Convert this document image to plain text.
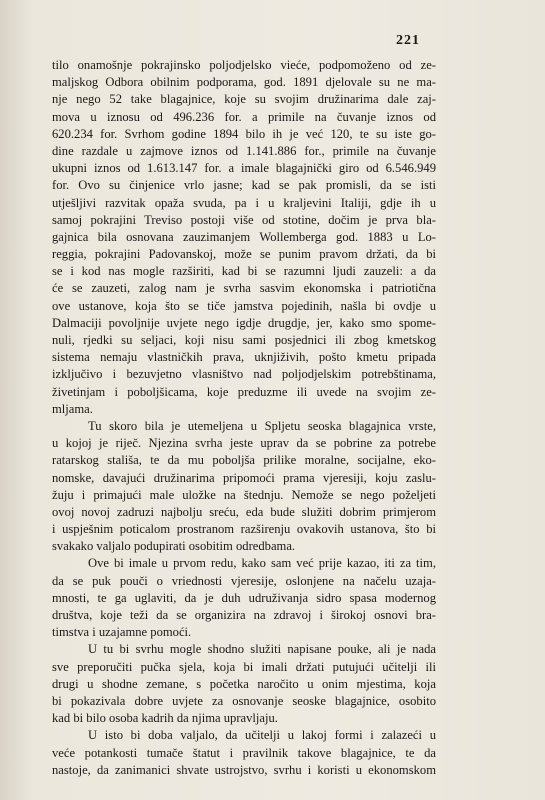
221
tilo onamošnje pokrajinsko poljodjelsko vieće, podpomoženo od ze-
maljskog Odbora obilnim podporama, god. 1891 djelovale su ne ma-
nje nego 52 take blagajnice, koje su svojim družinarima dale zaj-
mova u iznosu od 496.236 for. a primile na čuvanje iznos od
620.234 for. Svrhom godine 1894 bilo ih je već 120, te su iste go-
dine razdale u zajmove iznos od 1.141.886 for., primile na čuvanje
ukupni iznos od 1.613.147 for. a imale blagajnički giro od 6.546.949
for. Ovo su činjenice vrlo jasne; kad se pak promisli, da se isti
utješljivi razvitak opaža svuda, pa i u kraljevini Italiji, gdje ih u
samoj pokrajini Treviso postoji više od stotine, dočim je prva bla-
gajnica bila osnovana zauzimanjem Wollemberga god. 1883 u Lo-
reggia, pokrajini Padovanskoj, može se punim pravom držati, da bi
se i kod nas mogle razširiti, kad bi se razumni ljudi zauzeli: a da
će se zauzeti, zalog nam je svrha sasvim ekonomska i patriotična
ove ustanove, koja što se tiče jamstva pojedinih, našla bi ovdje u
Dalmaciji povoljnije uvjete nego igdje drugdje, jer, kako smo spome-
nuli, rjedki su seljaci, koji nisu sami posjednici ili zbog kmetskog
sistema nemaju vlastničkih prava, uknjiživih, pošto kmetu pripada
izključivo i bezuvjetno vlasništvo nad poljodjelskim potrebštinama,
živetinjam i poboljšicama, koje preduzme ili uvede na svojim ze-
mljama.
Tu skoro bila je utemeljena u Spljetu seoska blagajnica vrste,
u kojoj je riječ. Njezina svrha jeste uprav da se pobrine za potrebe
ratarskog stališa, te da mu poboljša prilike moralne, socijalne, eko-
nomske, davajući družinarima pripomoći prama vjeresiji, koju zaslu-
žuju i primajući male uložke na štednju. Nemože se nego poželjeti
ovoj novoj zadruzi najbolju sreću, eda bude služiti dobrim primjerom
i uspješnim poticalom prostranom razširenju ovakovih ustanova, što bi
svakako valjalo podupirati osobitim odredbama.
Ove bi imale u prvom redu, kako sam već prije kazao, iti za tim,
da se puk pouči o vriednosti vjeresije, oslonjene na načelu uzaja-
mnosti, te ga uglaviti, da je duh udruživanja sidro spasa modernog
društva, koje teži da se organizira na zdravoj i širokoj osnovi bra-
timstva i uzajamne pomoći.
U tu bi svrhu mogle shodno služiti napisane pouke, ali je nada
sve preporučiti pučka sjela, koja bi imali držati putujući učitelji ili
drugi u shodne zemane, s početka naročito u onim mjestima, koja
bi pokazivala dobre uvjete za osnovanje seoske blagajnice, osobito
kad bi bilo osoba kadrih da njima upravljaju.
U isto bi doba valjalo, da učitelji u lakoj formi i zalazeći u
veće potankosti tumače štatut i pravilnik takove blagajnice, te da
nastoje, da zanimanici shvate ustrojstvo, svrhu i koristi u ekonomskom
